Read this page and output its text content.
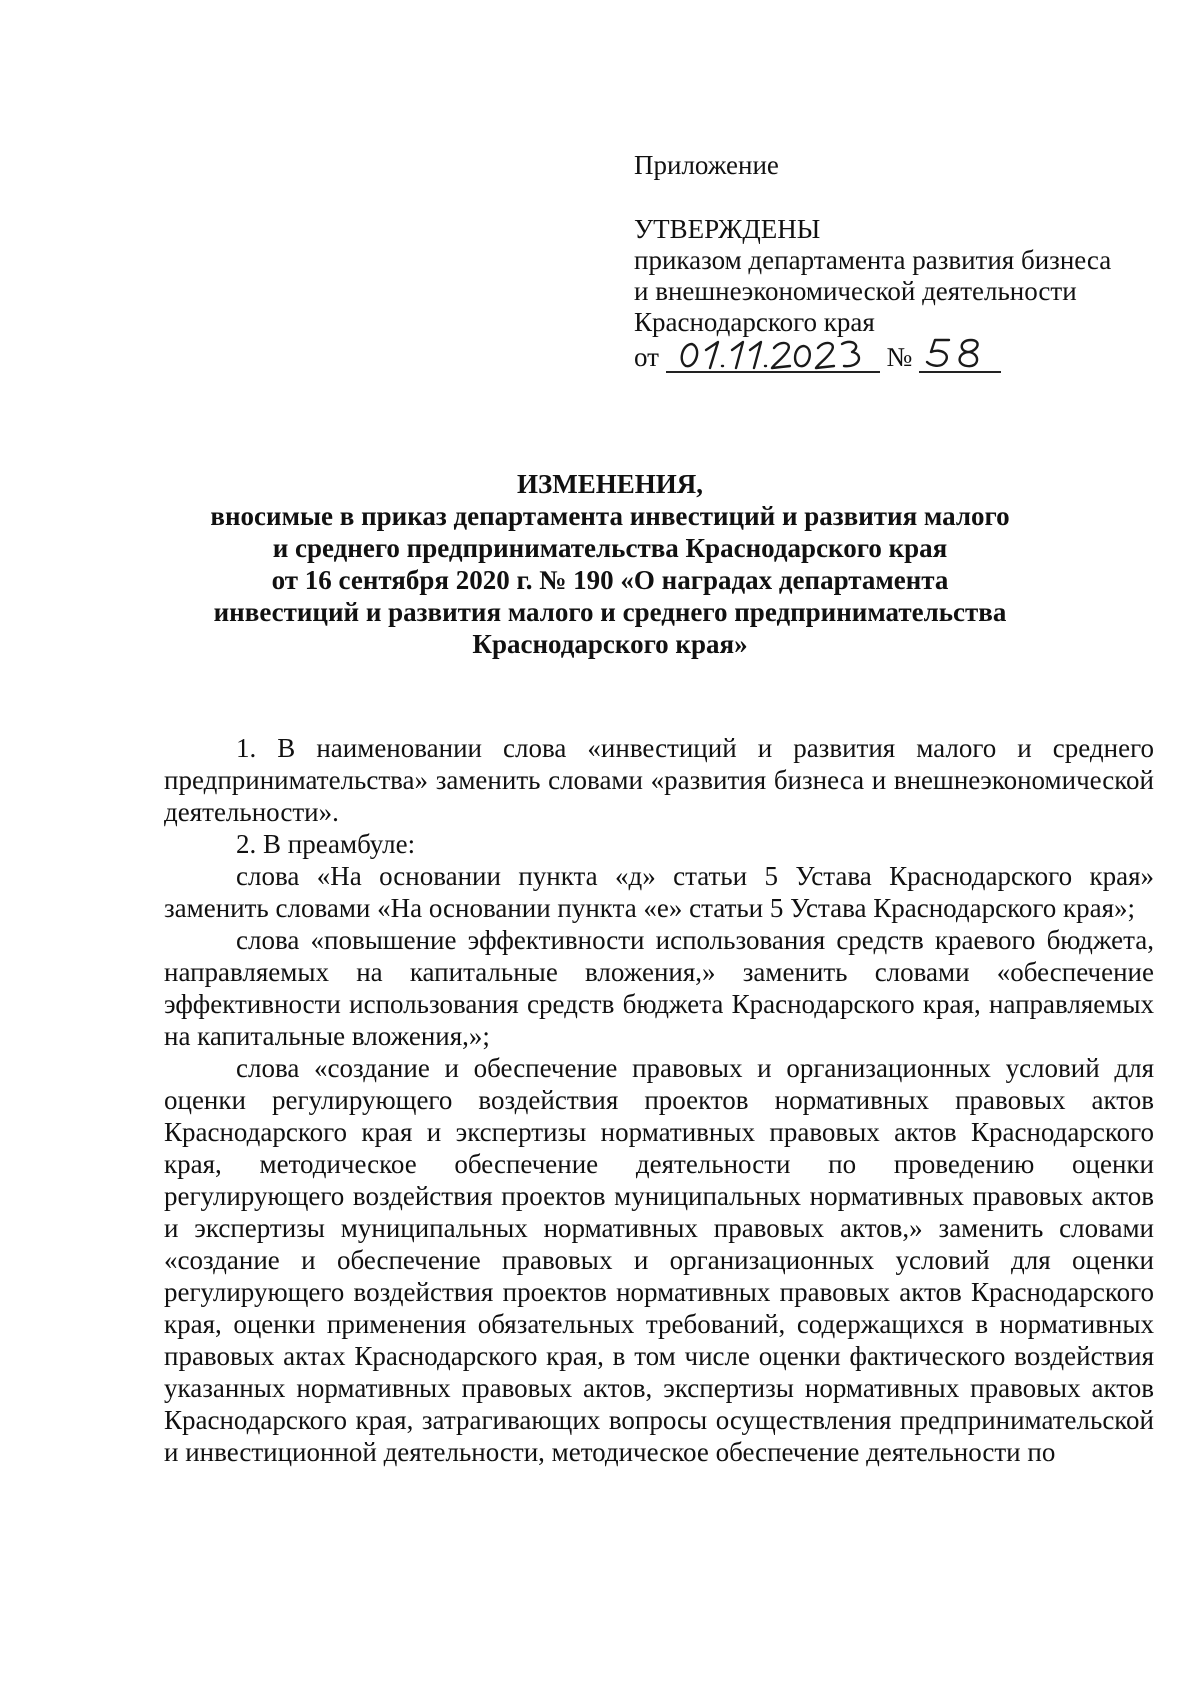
Приложение

УТВЕРЖДЕНЫ

приказом департамента развития бизнеса

и внешнеэкономической деятельности

Краснодарского края

от	№

ИЗМЕНЕНИЯ,

вносимые в приказ департамента инвестиций и развития малого

и среднего предпринимательства Краснодарского края

от 16 сентября 2020 г. № 190 «О наградах департамента

инвестиций и развития малого и среднего предпринимательства

Краснодарского края»

1. В наименовании слова «инвестиций и развития малого и среднего предпринимательства» заменить словами «развития бизнеса и внешнеэкономической деятельности».

2. В преамбуле:

слова «На основании пункта «д» статьи 5 Устава Краснодарского края» заменить словами «На основании пункта «е» статьи 5 Устава Краснодарского края»;

слова «повышение эффективности использования средств краевого бюджета, направляемых на капитальные вложения,» заменить словами «обеспечение эффективности использования средств бюджета Краснодарского края, направляемых на капитальные вложения,»;

слова «создание и обеспечение правовых и организационных условий для оценки регулирующего воздействия проектов нормативных правовых актов Краснодарского края и экспертизы нормативных правовых актов Краснодарского края, методическое обеспечение деятельности по проведению оценки регулирующего воздействия проектов муниципальных нормативных правовых актов и экспертизы муниципальных нормативных правовых актов,» заменить словами «создание и обеспечение правовых и организационных условий для оценки регулирующего воздействия проектов нормативных правовых актов Краснодарского края, оценки применения обязательных требований, содержащихся в нормативных правовых актах Краснодарского края, в том числе оценки фактического воздействия указанных нормативных правовых актов, экспертизы нормативных правовых актов Краснодарского края, затрагивающих вопросы осуществления предпринимательской и инвестиционной деятельности, методическое обеспечение деятельности по
